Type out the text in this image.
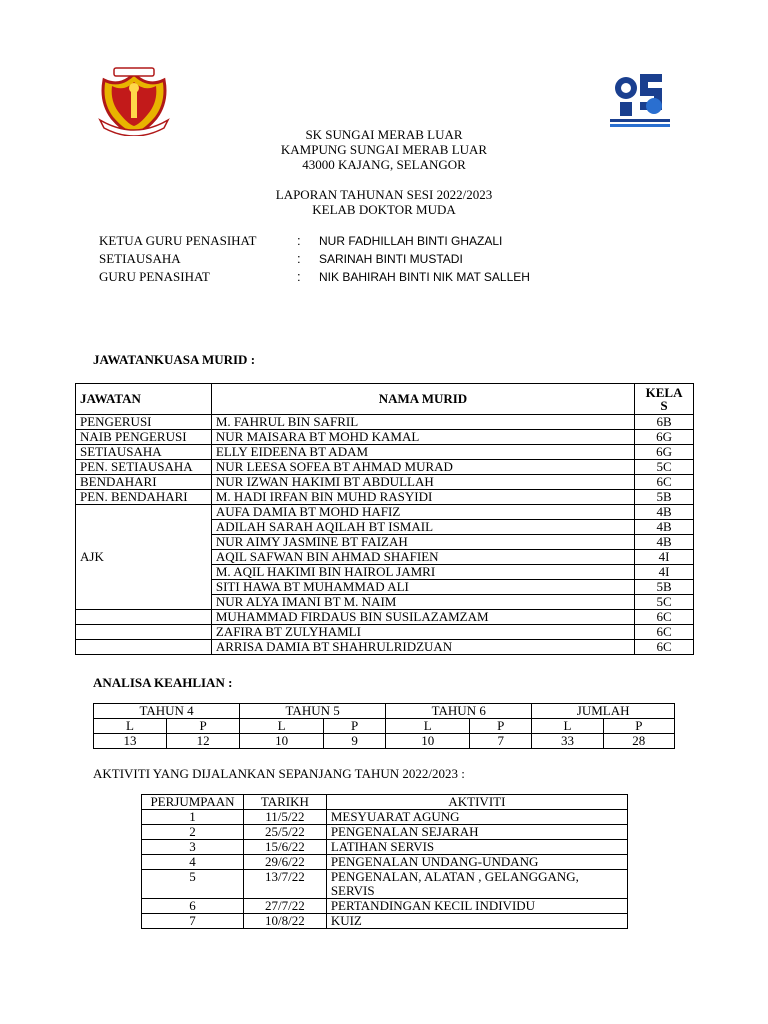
SK SUNGAI MERAB LUAR
KAMPUNG SUNGAI MERAB LUAR
43000 KAJANG, SELANGOR
LAPORAN TAHUNAN SESI 2022/2023
KELAB DOKTOR MUDA
KETUA GURU PENASIHAT	:	NUR FADHILLAH BINTI GHAZALI
SETIAUSAHA	:	SARINAH BINTI MUSTADI
GURU PENASIHAT	:	NIK BAHIRAH BINTI NIK MAT SALLEH
JAWATANKUASA MURID :
JAWATAN	NAMA MURID	KELAS
PENGERUSI	M. FAHRUL BIN SAFRIL	6B
NAIB PENGERUSI	NUR MAISARA BT MOHD KAMAL	6G
SETIAUSAHA	ELLY EIDEENA BT ADAM	6G
PEN. SETIAUSAHA	NUR LEESA SOFEA BT AHMAD MURAD	5C
BENDAHARI	NUR IZWAN HAKIMI BT ABDULLAH	6C
PEN. BENDAHARI	M. HADI IRFAN BIN MUHD RASYIDI	5B
AJK	AUFA DAMIA BT MOHD HAFIZ	4B
	ADILAH SARAH AQILAH BT ISMAIL	4B
	NUR AIMY JASMINE BT FAIZAH	4B
	AQIL SAFWAN BIN AHMAD SHAFIEN	4I
	M. AQIL HAKIMI BIN HAIROL JAMRI	4I
	SITI HAWA BT MUHAMMAD ALI	5B
	NUR ALYA IMANI BT M. NAIM	5C
	MUHAMMAD FIRDAUS BIN SUSILAZAMZAM	6C
	ZAFIRA BT ZULYHAMLI	6C
	ARRISA DAMIA BT SHAHRULRIDZUAN	6C
ANALISA KEAHLIAN :
TAHUN 4		TAHUN 5		TAHUN 6		JUMLAH	
L	P	L	P	L	P	L	P
13	12	10	9	10	7	33	28
AKTIVITI YANG DIJALANKAN SEPANJANG TAHUN 2022/2023 :
PERJUMPAAN	TARIKH	AKTIVITI
1	11/5/22	MESYUARAT AGUNG
2	25/5/22	PENGENALAN SEJARAH
3	15/6/22	LATIHAN SERVIS
4	29/6/22	PENGENALAN UNDANG-UNDANG
5	13/7/22	PENGENALAN, ALATAN , GELANGGANG, SERVIS
6	27/7/22	PERTANDINGAN KECIL INDIVIDU
7	10/8/22	KUIZ
